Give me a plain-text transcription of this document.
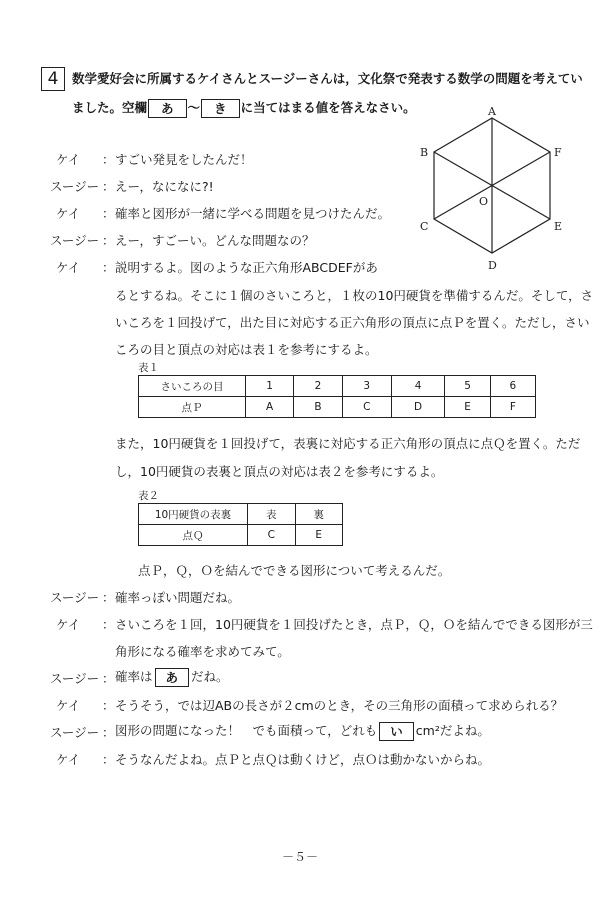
4	数学愛好会に所属するケイさんとスージーさんは，文化祭で発表する数学の問題を考えてい
ました。空欄 あ 〜 き に当てはまる値を答えなさい。	A
B
C
D
E
F
O
ケイ ： すごい発見をしたんだ！
スージー ： えー，なになに?!
ケイ ： 確率と図形が一緒に学べる問題を見つけたんだ。
スージー ： えー，すごーい。どんな問題なの？
ケイ ： 説明するよ。図のような正六角形ABCDEFがあ
るとするね。そこに１個のさいころと，１枚の10円硬貨を準備するんだ。そして，さ
いころを１回投げて，出た目に対応する正六角形の頂点に点Ｐを置く。ただし，さい
ころの目と頂点の対応は表１を参考にするよ。
表１
さいころの目	1	2	3	4	5	6
点Ｐ	A	B	C	D	E	F
また，10円硬貨を１回投げて，表裏に対応する正六角形の頂点に点Ｑを置く。ただ
し，10円硬貨の表裏と頂点の対応は表２を参考にするよ。
表２
10円硬貨の表裏	表	裏
点Ｑ	C	E
点Ｐ，Ｑ，Ｏを結んでできる図形について考えるんだ。
スージー ： 確率っぽい問題だね。
ケイ ： さいころを１回，10円硬貨を１回投げたとき，点Ｐ，Ｑ，Ｏを結んでできる図形が三
角形になる確率を求めてみて。
スージー ： 確率は あ だね。
ケイ ： そうそう，では辺ABの長さが２cmのとき，その三角形の面積って求められる？
スージー ： 図形の問題になった！　でも面積って，どれも い cm²だよね。
ケイ ： そうなんだよね。点Ｐと点Ｑは動くけど，点Ｏは動かないからね。
－５－
